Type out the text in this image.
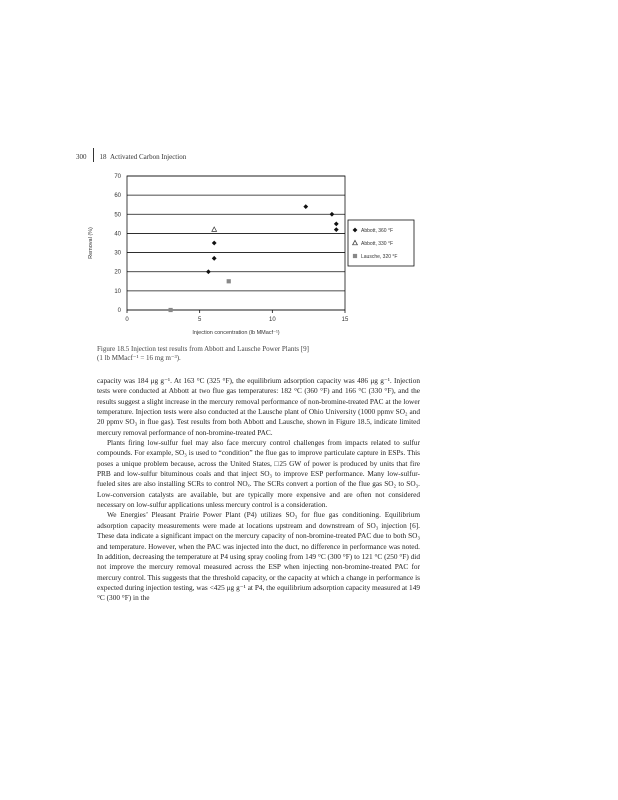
300 18 Activated Carbon Injection
0
10
20
30
40
50
60
70
0	5	10	15
Injection concentration (lb MMacf⁻¹)
Removal (%)	Abbott, 360 °F
Abbott, 330 °F
Lausche, 320 °F
Figure 18.5 Injection test results from Abbott and Lausche Power Plants [9]
(1 lb MMacf⁻¹ = 16 mg m⁻³).

capacity was 184 μg g⁻¹. At 163 °C (325 °F), the equilibrium adsorption capacity was 486 μg g⁻¹. Injection tests were conducted at Abbott at two flue gas temperatures: 182 °C (360 °F) and 166 °C (330 °F), and the results suggest a slight increase in the mercury removal performance of non-bromine-treated PAC at the lower temperature. Injection tests were also conducted at the Lausche plant of Ohio University (1000 ppmv SO₂ and 20 ppmv SO₃ in flue gas). Test results from both Abbott and Lausche, shown in Figure 18.5, indicate limited mercury removal performance of non-bromine-treated PAC.

Plants firing low-sulfur fuel may also face mercury control challenges from impacts related to sulfur compounds. For example, SO₃ is used to “condition” the flue gas to improve particulate capture in ESPs. This poses a unique problem because, across the United States, □25 GW of power is produced by units that fire PRB and low-sulfur bituminous coals and that inject SO₃ to improve ESP performance. Many low-sulfur-fueled sites are also installing SCRs to control NOₓ. The SCRs convert a portion of the flue gas SO₂ to SO₃. Low-conversion catalysts are available, but are typically more expensive and are often not considered necessary on low-sulfur applications unless mercury control is a consideration.

We Energies’ Pleasant Prairie Power Plant (P4) utilizes SO₃ for flue gas conditioning. Equilibrium adsorption capacity measurements were made at locations upstream and downstream of SO₃ injection [6]. These data indicate a significant impact on the mercury capacity of non-bromine-treated PAC due to both SO₃ and temperature. However, when the PAC was injected into the duct, no difference in performance was noted. In addition, decreasing the temperature at P4 using spray cooling from 149 °C (300 °F) to 121 °C (250 °F) did not improve the mercury removal measured across the ESP when injecting non-bromine-treated PAC for mercury control. This suggests that the threshold capacity, or the capacity at which a change in performance is expected during injection testing, was <425 μg g⁻¹ at P4, the equilibrium adsorption capacity measured at 149 °C (300 °F) in the
